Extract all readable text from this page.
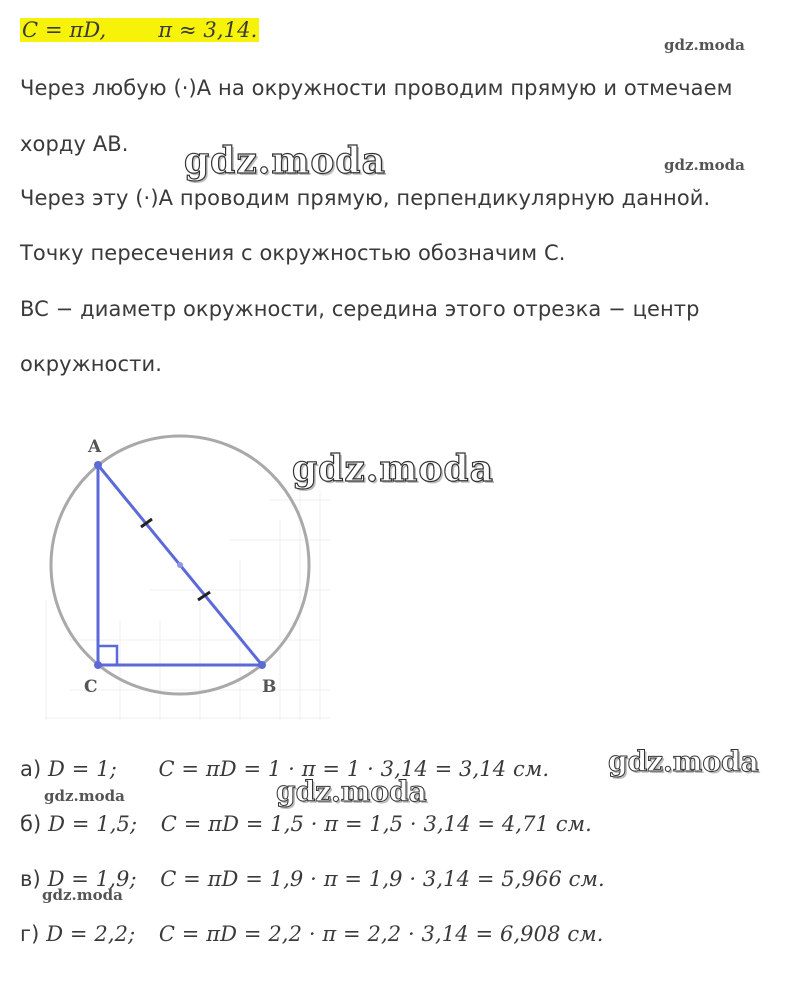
C = πD, π ≈ 3,14.
Через любую (·)A на окружности проводим прямую и отмечаем
хорду AB.
Через эту (·)A проводим прямую, перпендикулярную данной.
Точку пересечения с окружностью обозначим C.
BC − диаметр окружности, середина этого отрезка − центр
окружности.
A
B
C
а) D = 1; C = πD = 1 · π = 1 · 3,14 = 3,14 см.
б) D = 1,5; C = πD = 1,5 · π = 1,5 · 3,14 = 4,71 см.
в) D = 1,9; C = πD = 1,9 · π = 1,9 · 3,14 = 5,966 см.
г) D = 2,2; C = πD = 2,2 · π = 2,2 · 3,14 = 6,908 см.
gdz.moda
gdz.moda	gdz.moda
gdz.moda
gdz.moda
gdz.moda	gdz.moda
gdz.moda
